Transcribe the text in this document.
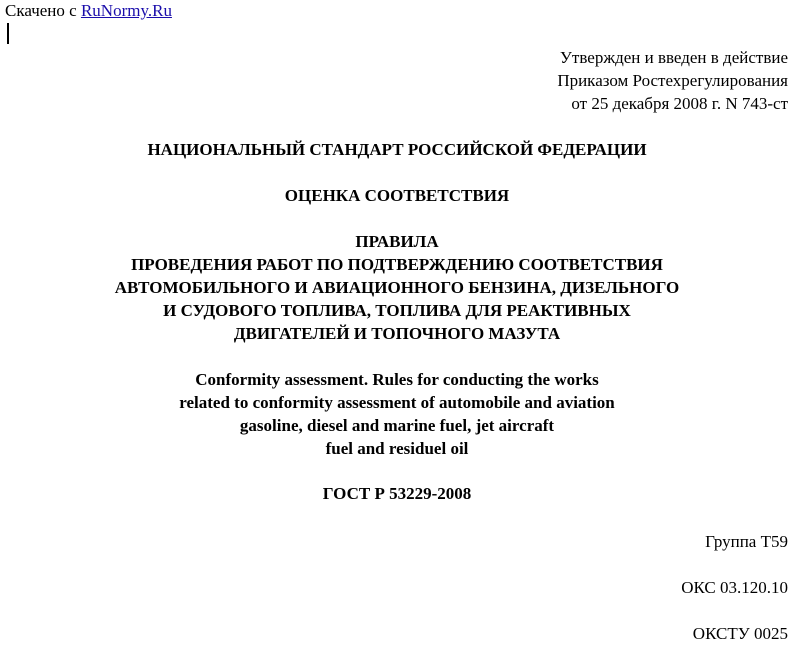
Скачено с RuNormy.Ru
Утвержден и введен в действие
Приказом Ростехрегулирования
от 25 декабря 2008 г. N 743-ст
НАЦИОНАЛЬНЫЙ СТАНДАРТ РОССИЙСКОЙ ФЕДЕРАЦИИ
ОЦЕНКА СООТВЕТСТВИЯ
ПРАВИЛА
ПРОВЕДЕНИЯ РАБОТ ПО ПОДТВЕРЖДЕНИЮ СООТВЕТСТВИЯ
АВТОМОБИЛЬНОГО И АВИАЦИОННОГО БЕНЗИНА, ДИЗЕЛЬНОГО
И СУДОВОГО ТОПЛИВА, ТОПЛИВА ДЛЯ РЕАКТИВНЫХ
ДВИГАТЕЛЕЙ И ТОПОЧНОГО МАЗУТА
Conformity assessment. Rules for conducting the works
related to conformity assessment of automobile and aviation
gasoline, diesel and marine fuel, jet aircraft
fuel and residuel oil
ГОСТ Р 53229-2008
Группа Т59
ОКС 03.120.10
ОКСТУ 0025
